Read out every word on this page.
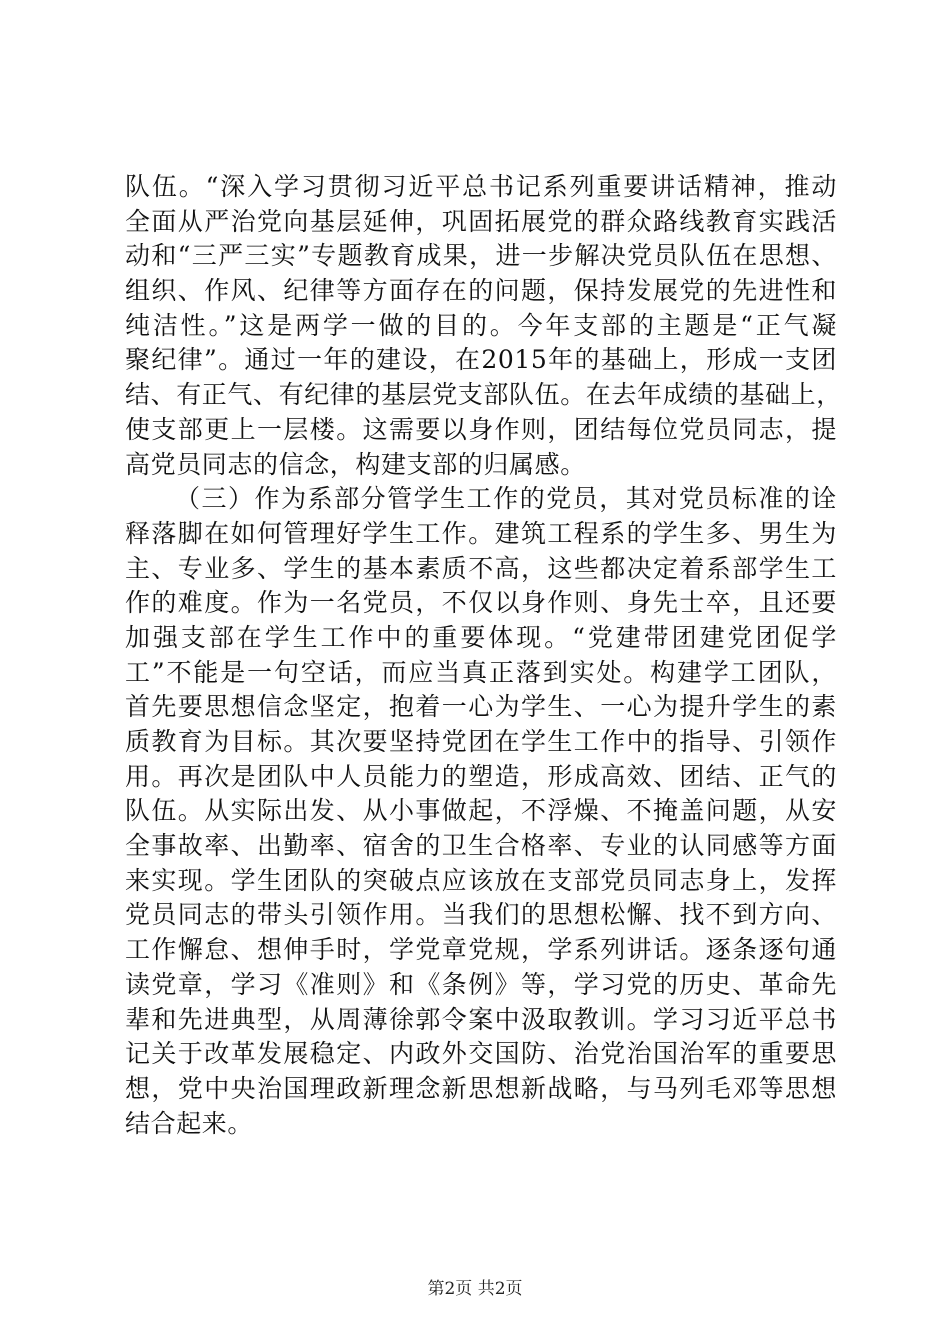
队伍。“深入学习贯彻习近平总书记系列重要讲话精神，推动
全面从严治党向基层延伸，巩固拓展党的群众路线教育实践活
动和“三严三实”专题教育成果，进一步解决党员队伍在思想、
组织、作风、纪律等方面存在的问题，保持发展党的先进性和
纯洁性。”这是两学一做的目的。今年支部的主题是“正气凝
聚纪律”。通过一年的建设，在2015年的基础上，形成一支团
结、有正气、有纪律的基层党支部队伍。在去年成绩的基础上，
使支部更上一层楼。这需要以身作则，团结每位党员同志，提
高党员同志的信念，构建支部的归属感。
（三）作为系部分管学生工作的党员，其对党员标准的诠
释落脚在如何管理好学生工作。建筑工程系的学生多、男生为
主、专业多、学生的基本素质不高，这些都决定着系部学生工
作的难度。作为一名党员，不仅以身作则、身先士卒，且还要
加强支部在学生工作中的重要体现。“党建带团建党团促学
工”不能是一句空话，而应当真正落到实处。构建学工团队，
首先要思想信念坚定，抱着一心为学生、一心为提升学生的素
质教育为目标。其次要坚持党团在学生工作中的指导、引领作
用。再次是团队中人员能力的塑造，形成高效、团结、正气的
队伍。从实际出发、从小事做起，不浮燥、不掩盖问题，从安
全事故率、出勤率、宿舍的卫生合格率、专业的认同感等方面
来实现。学生团队的突破点应该放在支部党员同志身上，发挥
党员同志的带头引领作用。当我们的思想松懈、找不到方向、
工作懈怠、想伸手时，学党章党规，学系列讲话。逐条逐句通
读党章，学习《准则》和《条例》等，学习党的历史、革命先
辈和先进典型，从周薄徐郭令案中汲取教训。学习习近平总书
记关于改革发展稳定、内政外交国防、治党治国治军的重要思
想，党中央治国理政新理念新思想新战略，与马列毛邓等思想
结合起来。
第2页 共2页
